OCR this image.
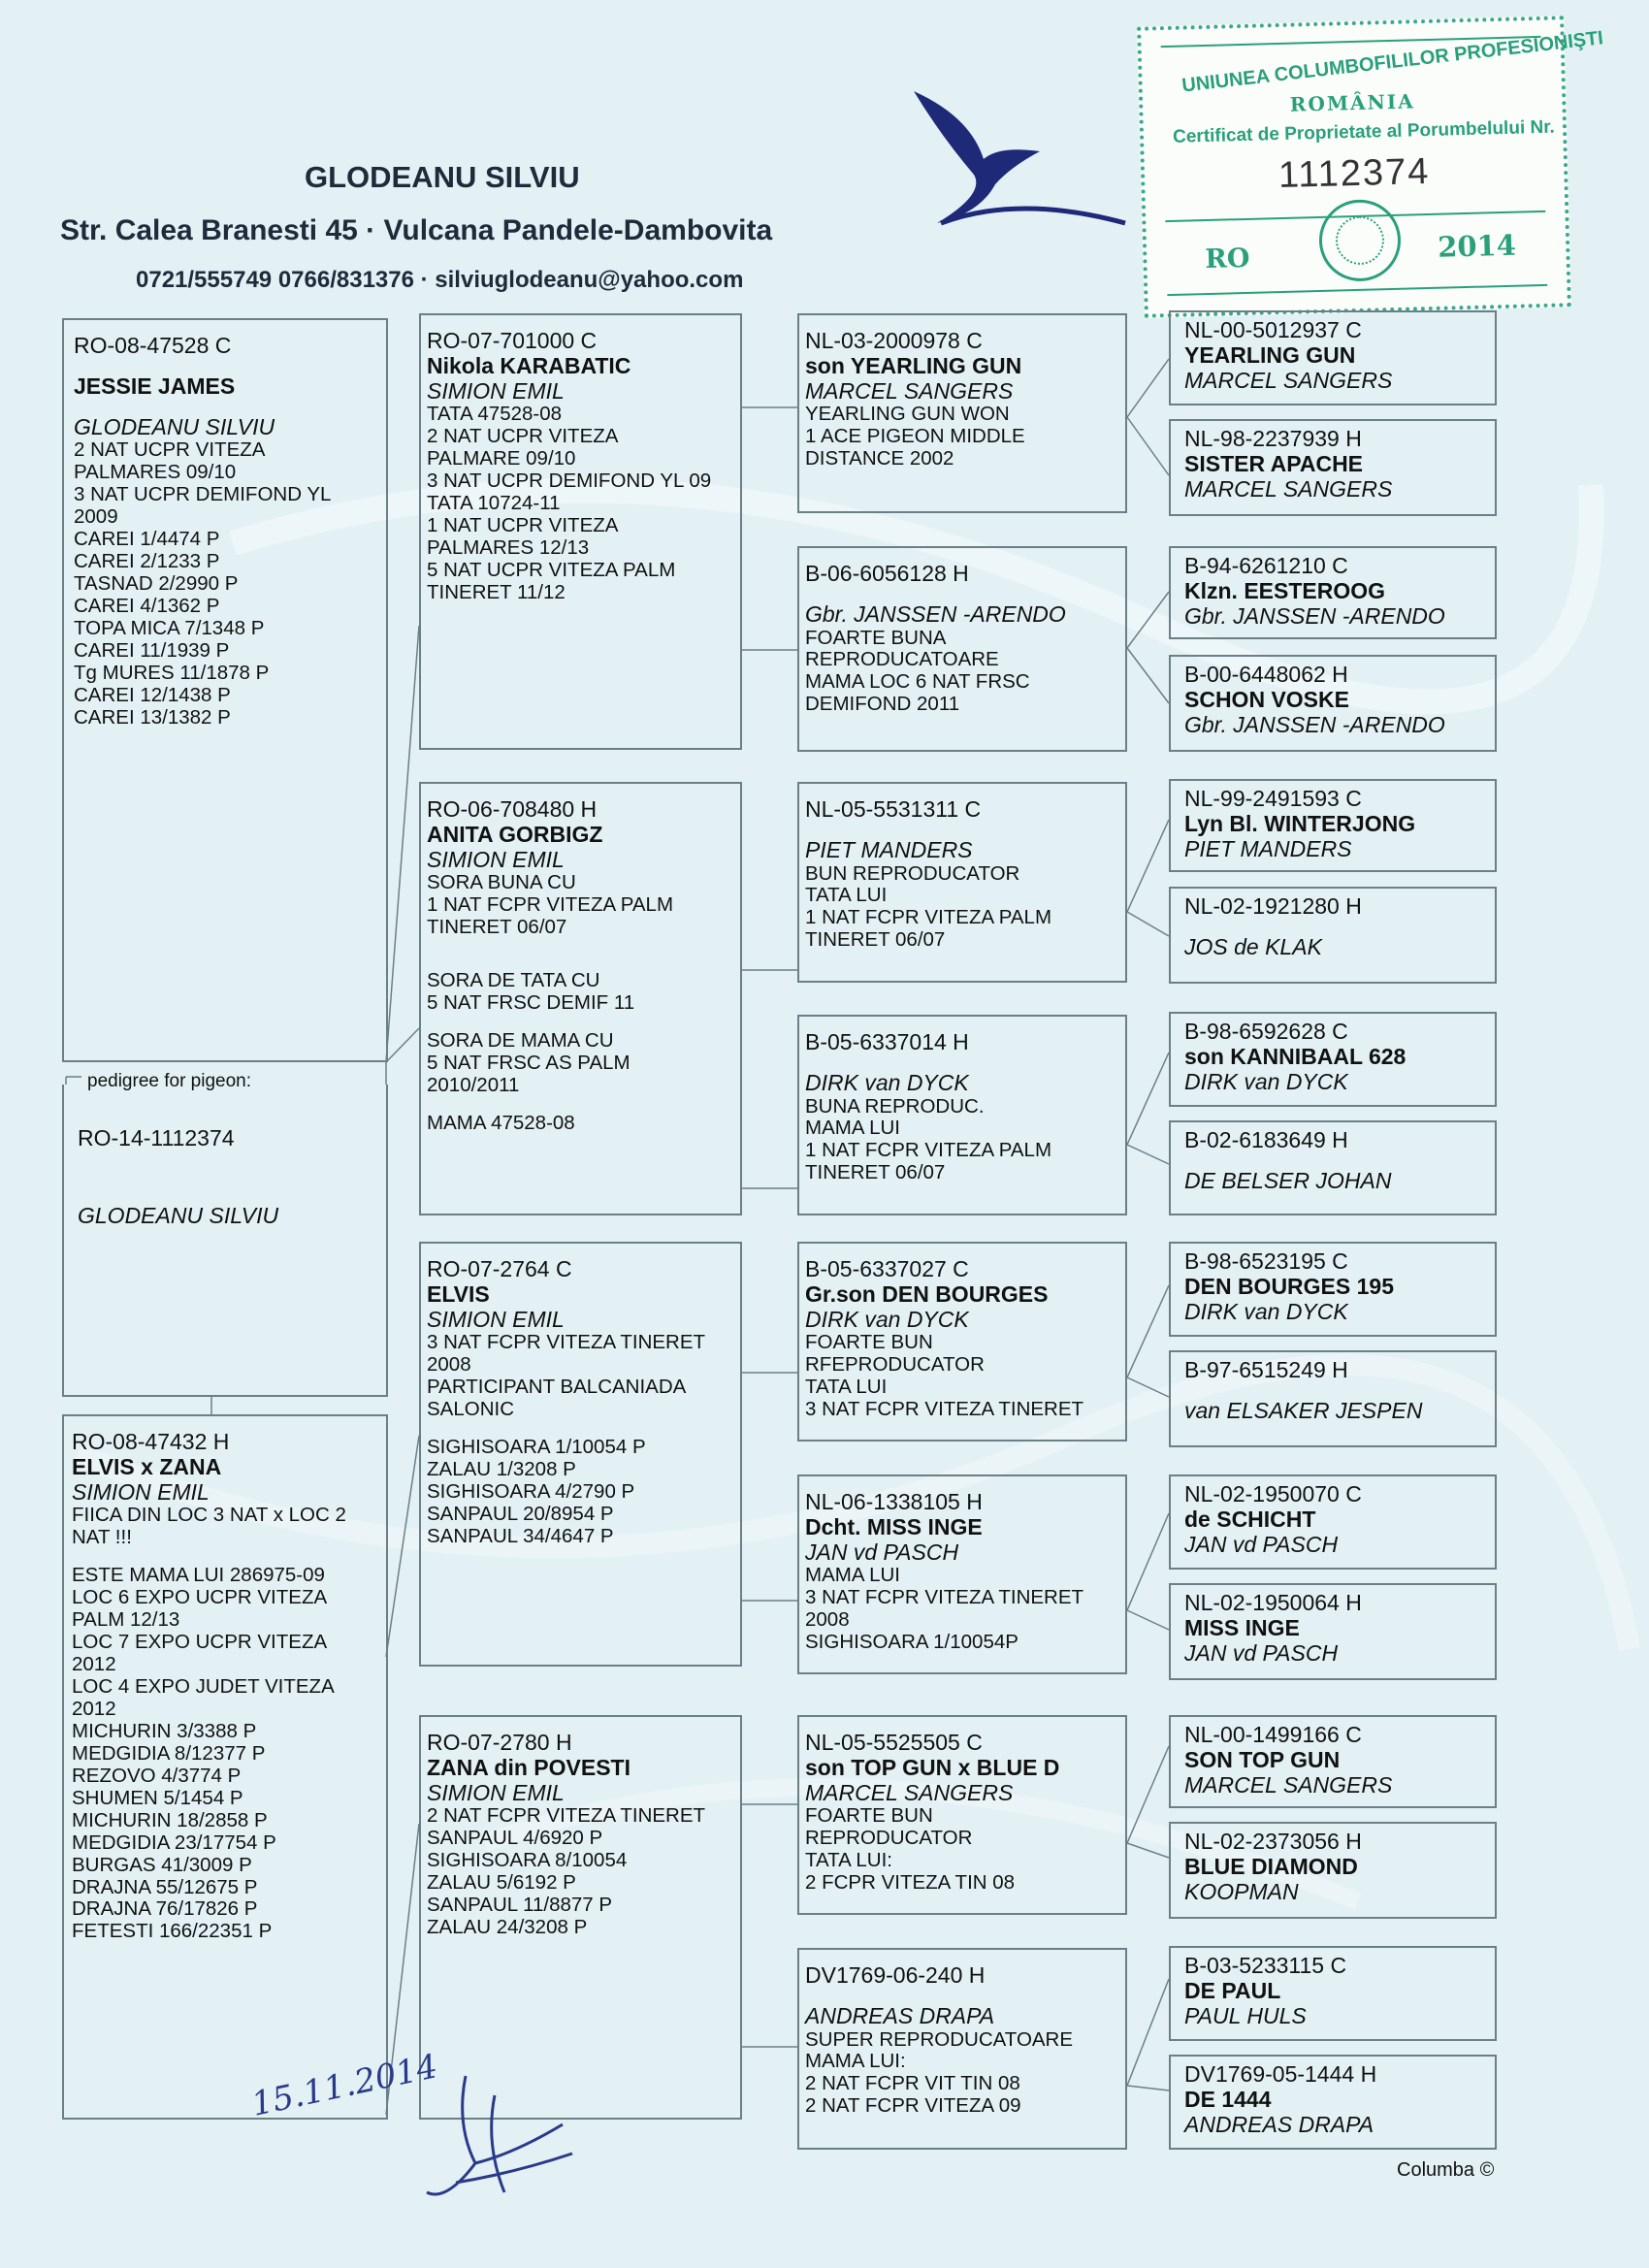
GLODEANU SILVIU
Str. Calea Branesti 45 · Vulcana Pandele-Dambovita
0721/555749 0766/831376 · silviuglodeanu@yahoo.com
UNIUNEA COLUMBOFILILOR PROFESIONIŞTI
ROMÂNIA
Certificat de Proprietate al Porumbelului Nr.
1112374
RO	2014
RO-08-47528 C
JESSIE JAMES
GLODEANU SILVIU
2 NAT UCPR VITEZA
PALMARES 09/10
3 NAT UCPR DEMIFOND YL
2009
CAREI 1/4474 P
CAREI 2/1233 P
TASNAD 2/2990 P
CAREI 4/1362 P
TOPA MICA 7/1348 P
CAREI 11/1939 P
Tg MURES 11/1878 P
CAREI 12/1438 P
CAREI 13/1382 P
pedigree for pigeon:
RO-14-1112374
GLODEANU SILVIU
RO-08-47432 H
ELVIS x ZANA
SIMION EMIL
FIICA DIN LOC 3 NAT x LOC 2
NAT !!!
ESTE MAMA LUI 286975-09
LOC 6 EXPO UCPR VITEZA
PALM 12/13
LOC 7 EXPO UCPR VITEZA
2012
LOC 4 EXPO JUDET VITEZA
2012
MICHURIN 3/3388 P
MEDGIDIA 8/12377 P
REZOVO 4/3774 P
SHUMEN 5/1454 P
MICHURIN 18/2858 P
MEDGIDIA 23/17754 P
BURGAS 41/3009 P
DRAJNA 55/12675 P
DRAJNA 76/17826 P
FETESTI 166/22351 P
RO-07-701000 C
Nikola KARABATIC
SIMION EMIL
TATA 47528-08
2 NAT UCPR VITEZA
PALMARE 09/10
3 NAT UCPR DEMIFOND YL 09
TATA 10724-11
1 NAT UCPR VITEZA
PALMARES 12/13
5 NAT UCPR VITEZA PALM
TINERET 11/12
RO-06-708480 H
ANITA GORBIGZ
SIMION EMIL
SORA BUNA CU
1 NAT FCPR VITEZA PALM
TINERET 06/07
SORA DE TATA CU
5 NAT FRSC DEMIF 11
SORA DE MAMA CU
5 NAT FRSC AS PALM
2010/2011
MAMA 47528-08
RO-07-2764 C
ELVIS
SIMION EMIL
3 NAT FCPR VITEZA TINERET
2008
PARTICIPANT BALCANIADA
SALONIC
SIGHISOARA 1/10054 P
ZALAU 1/3208 P
SIGHISOARA 4/2790 P
SANPAUL 20/8954 P
SANPAUL 34/4647 P
RO-07-2780 H
ZANA din POVESTI
SIMION EMIL
2 NAT FCPR VITEZA TINERET
SANPAUL 4/6920 P
SIGHISOARA 8/10054
ZALAU 5/6192 P
SANPAUL 11/8877 P
ZALAU 24/3208 P
NL-03-2000978 C
son YEARLING GUN
MARCEL SANGERS
YEARLING GUN WON
1 ACE PIGEON MIDDLE
DISTANCE 2002
B-06-6056128 H
Gbr. JANSSEN -ARENDO
FOARTE BUNA
REPRODUCATOARE
MAMA LOC 6 NAT FRSC
DEMIFOND 2011
NL-05-5531311 C
PIET MANDERS
BUN REPRODUCATOR
TATA LUI
1 NAT FCPR VITEZA PALM
TINERET 06/07
B-05-6337014 H
DIRK van DYCK
BUNA REPRODUC.
MAMA LUI
1 NAT FCPR VITEZA PALM
TINERET 06/07
B-05-6337027 C
Gr.son DEN BOURGES
DIRK van DYCK
FOARTE BUN
RFEPRODUCATOR
TATA LUI
3 NAT FCPR VITEZA TINERET
NL-06-1338105 H
Dcht. MISS INGE
JAN vd PASCH
MAMA LUI
3 NAT FCPR VITEZA TINERET
2008
SIGHISOARA 1/10054P
NL-05-5525505 C
son TOP GUN x BLUE D
MARCEL SANGERS
FOARTE BUN
REPRODUCATOR
TATA LUI:
2 FCPR VITEZA TIN 08
DV1769-06-240 H
ANDREAS DRAPA
SUPER REPRODUCATOARE
MAMA LUI:
2 NAT FCPR VIT TIN 08
2 NAT FCPR VITEZA 09
NL-00-5012937 C
YEARLING GUN
MARCEL SANGERS
NL-98-2237939 H
SISTER APACHE
MARCEL SANGERS
B-94-6261210 C
Klzn. EESTEROOG
Gbr. JANSSEN -ARENDO
B-00-6448062 H
SCHON VOSKE
Gbr. JANSSEN -ARENDO
NL-99-2491593 C
Lyn Bl. WINTERJONG
PIET MANDERS
NL-02-1921280 H
JOS de KLAK
B-98-6592628 C
son KANNIBAAL 628
DIRK van DYCK
B-02-6183649 H
DE BELSER JOHAN
B-98-6523195 C
DEN BOURGES 195
DIRK van DYCK
B-97-6515249 H
van ELSAKER JESPEN
NL-02-1950070 C
de SCHICHT
JAN vd PASCH
NL-02-1950064 H
MISS INGE
JAN vd PASCH
NL-00-1499166 C
SON TOP GUN
MARCEL SANGERS
NL-02-2373056 H
BLUE DIAMOND
KOOPMAN
B-03-5233115 C
DE PAUL
PAUL HULS
DV1769-05-1444 H
DE 1444
ANDREAS DRAPA
15.11.2014
Columba ©
